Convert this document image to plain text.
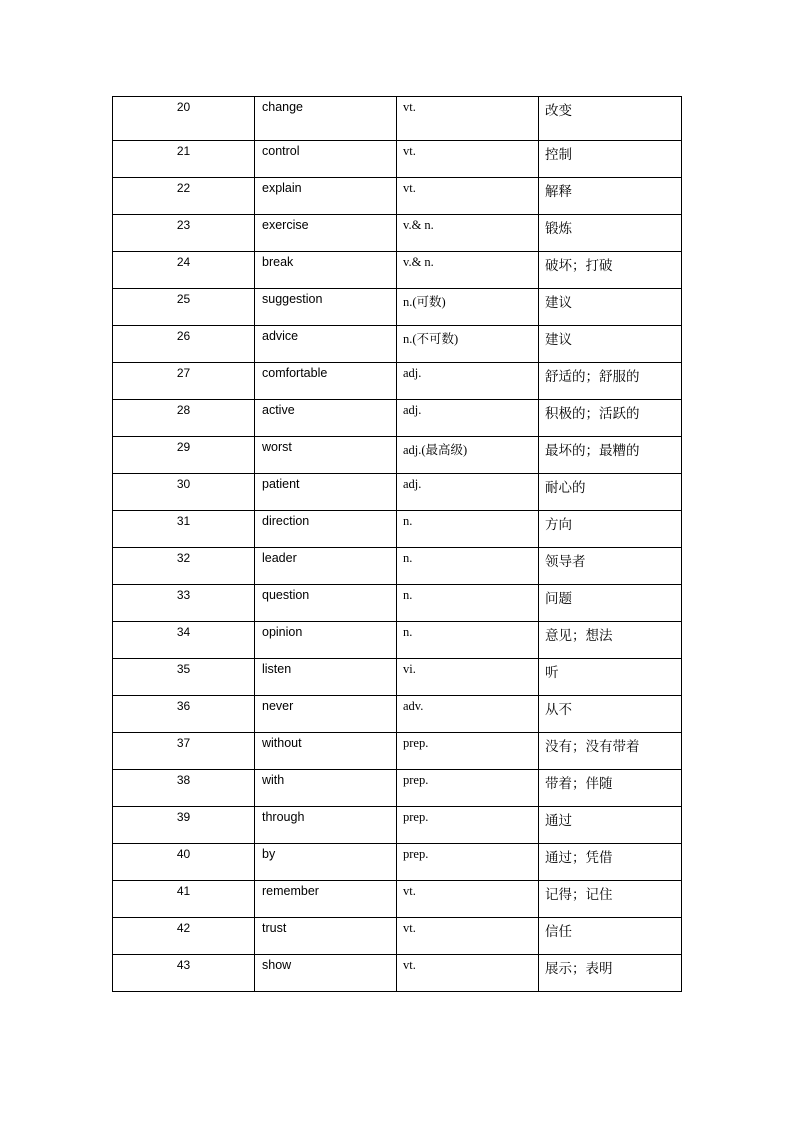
20	change	vt.	改变

21	control	vt.	控制

22	explain	vt.	解释

23	exercise	v.& n.	锻炼

24	break	v.& n.	破坏；打破

25	suggestion	n.(可数)	建议

26	advice	n.(不可数)	建议

27	comfortable	adj.	舒适的；舒服的

28	active	adj.	积极的；活跃的

29	worst	adj.(最高级)	最坏的；最糟的

30	patient	adj.	耐心的

31	direction	n.	方向

32	leader	n.	领导者

33	question	n.	问题

34	opinion	n.	意见；想法

35	listen	vi.	听

36	never	adv.	从不

37	without	prep.	没有；没有带着

38	with	prep.	带着；伴随

39	through	prep.	通过

40	by	prep.	通过；凭借

41	remember	vt.	记得；记住

42	trust	vt.	信任

43	show	vt.	展示；表明
